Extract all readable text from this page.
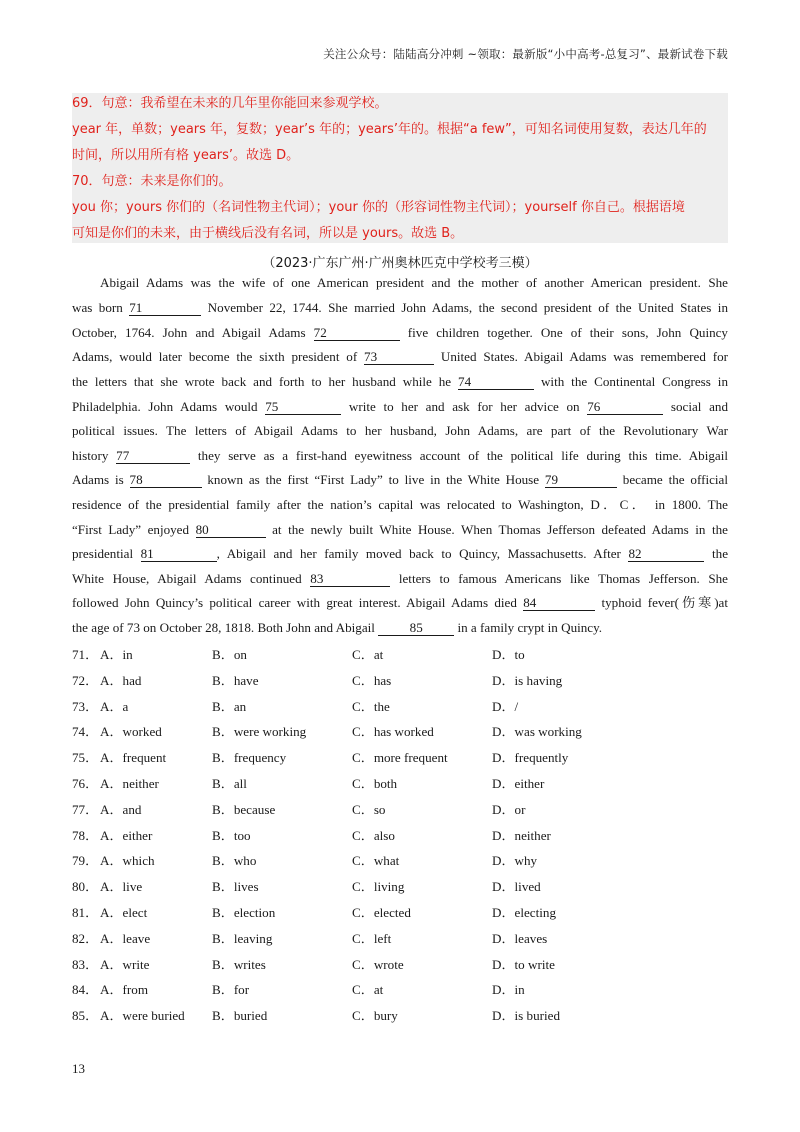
关注公众号：陆陆高分冲刺 ~领取：最新版“小中高考-总复习”、最新试卷下载
69．句意：我希望在未来的几年里你能回来参观学校。
year 年，单数；years 年，复数；year’s 年的；years’年的。根据“a few”，可知名词使用复数，表达几年的
时间，所以用所有格 years’。故选 D。
70．句意：未来是你们的。
you 你；yours 你们的（名词性物主代词）；your 你的（形容词性物主代词）；yourself 你自己。根据语境
可知是你们的未来，由于横线后没有名词，所以是 yours。故选 B。
（2023·广东广州·广州奥林匹克中学校考三模）
Abigail Adams was the wife of one American president and the mother of another American president. She
was born 71	November 22, 1744. She married John Adams, the second president of the United States in
October, 1764. John and Abigail Adams 72	five children together. One of their sons, John Quincy
Adams, would later become the sixth president of 73	United States. Abigail Adams was remembered for
the letters that she wrote back and forth to her husband while he 74	with the Continental Congress in
Philadelphia. John Adams would 75	write to her and ask for her advice on 76	social and
political issues. The letters of Abigail Adams to her husband, John Adams, are part of the Revolutionary War
history 77	they serve as a first-hand eyewitness account of the political life during this time. Abigail
Adams is 78	known as the first “First Lady” to live in the White House 79	became the official
residence of the presidential family after the nation’s capital was relocated to Washington, D．C． in 1800. The
“First Lady” enjoyed 80	at the newly built White House. When Thomas Jefferson defeated Adams in the
presidential 81	, Abigail and her family moved back to Quincy, Massachusetts. After 82	the
White House, Abigail Adams continued 83	letters to famous Americans like Thomas Jefferson. She
followed John Quincy’s political career with great interest. Abigail Adams died 84	typhoid fever(伤寒)at
the age of 73 on October 28, 1818. Both John and Abigail 85 in a family crypt in Quincy.
71． A．in	B．on	C．at	D．to
72． A．had	B．have	C．has	D．is having
73． A．a	B．an	C．the	D．/
74． A．worked	B．were working	C．has worked	D．was working
75． A．frequent	B．frequency	C．more frequent	D．frequently
76． A．neither	B．all	C．both	D．either
77． A．and	B．because	C．so	D．or
78． A．either	B．too	C．also	D．neither
79． A．which	B．who	C．what	D．why
80． A．live	B．lives	C．living	D．lived
81． A．elect	B．election	C．elected	D．electing
82． A．leave	B．leaving	C．left	D．leaves
83． A．write	B．writes	C．wrote	D．to write
84． A．from	B．for	C．at	D．in
85． A．were buried B．buried	C．bury	D．is buried
13
